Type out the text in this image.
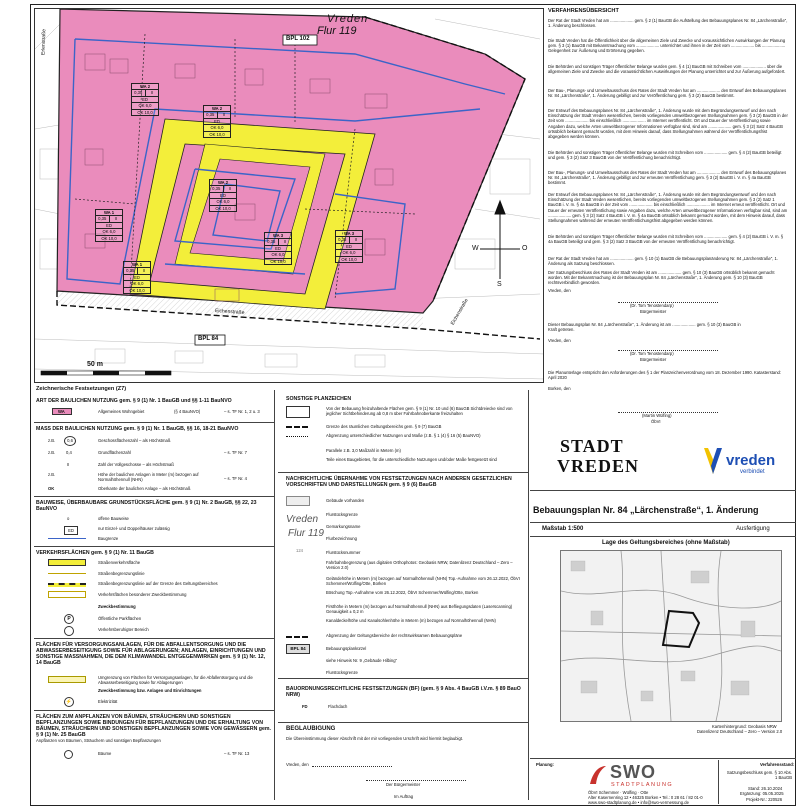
Vreden
Flur 119
BPL 102
BPL 84
Eichenstraße	Eichenstraße
Erlenstraße
50 m
W	O
S
WA 2
0,35	II
ED
OK 6,0
OK 10,0
WA 2
0,35	II
ED
OK 6,0
OK 10,0
WA 1
0,35	II
ED
OK 6,0
OK 10,0
WA 2
0,35	II
ED
OK 6,0
OK 10,0
WA 3
0,35	II
ED
OK 6,0
OK 10,0
WA 3
0,35	II
ED
OK 6,0
OK 10,0
WA 1
0,35	II
ED
OK 6,0
OK 10,0
Zeichnerische Festsetzungen (Z7)
ART DER BAULICHEN NUTZUNG gem. § 9 (1) Nr. 1 BauGB und §§ 1-11 BauNVO
WA	Allgemeines Wohngebiet	(§ 4 BauNVO)	– s. TF Nr. 1, 2 u. 3
MASS DER BAULICHEN NUTZUNG gem. § 9 (1) Nr. 1 BauGB, §§ 16, 18-21 BauNVO
z.B.	0,6	Geschossflächenzahl – als Höchstmaß
z.B.	0,4	Grundflächenzahl	– s. TF Nr. 7
II	Zahl der Vollgeschosse – als Höchstmaß
z.B.	Höhe der baulichen Anlagen in Meter (m) bezogen auf Normalhöhennull (NHN)	– s. TF Nr. 4
OK	Oberkante der baulichen Anlage – als Höchstmaß
BAUWEISE, ÜBERBAUBARE GRUNDSTÜCKSFLÄCHE gem. § 9 (1) Nr. 2 BauGB, §§ 22, 23 BauNVO
o	offene Bauweise
ED	nur Einzel- und Doppelhäuser zulässig
Baugrenze
VERKEHRSFLÄCHEN gem. § 9 (1) Nr. 11 BauGB
Straßenverkehrsfläche
Straßenbegrenzungslinie
Straßenbegrenzungslinie auf der Grenze des Geltungsbereiches
Verkehrsflächen besonderer Zweckbestimmung
Zweckbestimmung
P	Öffentliche Parkflächen
Verkehrsberuhigter Bereich
FLÄCHEN FÜR VERSORGUNGSANLAGEN, FÜR DIE ABFALLENTSORGUNG UND DIE ABWASSERBESEITIGUNG SOWIE FÜR ABLAGERUNGEN; ANLAGEN, EINRICHTUNGEN UND SONSTIGE MASSNAHMEN, DIE DEM KLIMAWANDEL ENTGEGENWIRKEN gem. § 9 (1) Nr. 12, 14 BauGB
Umgrenzung von Flächen für Versorgungsanlagen, für die Abfallentsorgung und die Abwasserbeseitigung sowie für Ablagerungen
Zweckbestimmung bzw. Anlagen und Einrichtungen
⚡	Elektrizität
FLÄCHEN ZUM ANPFLANZEN VON BÄUMEN, STRÄUCHERN UND SONSTIGEN BEPFLANZUNGEN SOWIE BINDUNGEN FÜR BEPFLANZUNGEN UND DIE ERHALTUNG VON BÄUMEN, STRÄUCHERN UND SONSTIGEN BEPFLANZUNGEN SOWIE VON GEWÄSSERN gem. § 9 (1) Nr. 25 BauGB
Anpflanzen von Bäumen, Sträuchern und sonstigen Bepflanzungen
Bäume	– s. TF Nr. 13
SONSTIGE PLANZEICHEN
Von der Bebauung freizuhaltende Flächen gem. § 9 (1) Nr. 10 und (6) BauGB Sichtdreiecke sind von jeglicher Sichtbehinderung ab 0,8 m über Fahrbahnoberkante freizuhalten
Grenze des räumlichen Geltungsbereichs gem. § 9 (7) BauGB
Abgrenzung unterschiedlicher Nutzungen und Maße (z.B. § 1 (4) § 16 (5) BauNVO)
Parallele z.B. 3,0 Maßzahl in Metern (m)
Teile eines Baugebietes, für die unterschiedliche Nutzungen und/oder Maße festgesetzt sind
NACHRICHTLICHE ÜBERNAHME VON FESTSETZUNGEN NACH ANDEREN GESETZLICHEN VORSCHRIFTEN UND DARSTELLUNGEN gem. § 9 (6) BauGB
Gebäude vorhanden
Flurstücksgrenze
Gemarkungsname
Flurbezeichnung
Flurstücksnummer
Vreden
Flur 119
124
Fahrbahnbegrenzung (aus digitalen Orthophotos: Geobasis NRW, Datenlizenz Deutschland – Zero – Version 2.0)
Geländehöhe in Metern (m) bezogen auf Normalhöhennull (NHN) Top.-Aufnahme vom 26.12.2022, ÖbVI Schemmer/Wülfing/Otte, Borken
Böschung Top.-Aufnahme vom 26.12.2022, ÖbVI Schemmer/Wülfing/Otte, Borken
Firsthöhe in Metern (m) bezogen auf Normalhöhennull (NHN) aus Befliegungsdaten (Laserscanning) Genauigkeit ± 0,2 m
Kanaldeckelhöhe und Kanalsohlenhöhe in Metern (m) bezogen auf Normalhöhennull (NHN)
Abgrenzung der Geltungsbereiche der rechtswirksamen Bebauungspläne
BPL 84	Bebauungsplankürzel
siehe Hinweis Nr. 9 „Gebäude Hilbing“
Flurstücksgrenze
BAUORDNUNGSRECHTLICHE FESTSETZUNGEN (BF) (gem. § 9 Abs. 4 BauGB i.V.m. § 89 BauO NRW)
FD	Flachdach
BEGLAUBIGUNG
Die Übereinstimmung dieser Abschrift mit der mir vorliegenden Urschrift wird hiermit beglaubigt.
Vreden, den
Der Bürgermeister
Im Auftrag
VERFAHRENSÜBERSICHT
Der Rat der Stadt Vreden hat am .................... gem. § 2 (1) BauGB die Aufstellung des Bebauungsplanes Nr. 84 „Lärchenstraße“, 1. Änderung beschlossen.
Die Stadt Vreden hat die Öffentlichkeit über die allgemeinen Ziele und Zwecke und voraussichtlichen Auswirkungen der Planung gem. § 3 (1) BauGB mit Bekanntmachung vom .................... unterrichtet und ihnen in der Zeit vom .................... bis .................... Gelegenheit zur Äußerung und Erörterung gegeben.
Die Behörden und sonstigen Träger öffentlicher Belange wurden gem. § 4 (1) BauGB mit Schreiben vom .................... über die allgemeinen Ziele und Zwecke und die voraussichtlichen Auswirkungen der Planung unterrichtet und zur Äußerung aufgefordert.
Der Bau-, Planungs- und Umweltausschuss des Rates der Stadt Vreden hat am .................... den Entwurf des Bebauungsplanes Nr. 84 „Lärchenstraße“, 1. Änderung gebilligt und zur Veröffentlichung gem. § 3 (2) BauGB bestimmt.
Der Entwurf des Bebauungsplanes Nr. 84 „Lärchenstraße“, 1. Änderung wurde mit dem Begründungsentwurf und den nach Einschätzung der Stadt Vreden wesentlichen, bereits vorliegenden umweltbezogenen Stellungnahmen gem. § 3 (2) BauGB in der Zeit vom .................... bis einschließlich .................... im Internet veröffentlicht. Ort und Dauer der Veröffentlichung sowie Angaben dazu, welche Arten umweltbezogener Informationen verfügbar sind, sind am .................... gem. § 3 (2) Satz 4 BauGB ortsüblich bekannt gemacht worden, mit dem Hinweis darauf, dass Stellungnahmen während der Veröffentlichungsfrist abgegeben werden können.
Die Behörden und sonstigen Träger öffentlicher Belange wurden mit Schreiben vom .................... gem. § 4 (2) BauGB beteiligt und gem. § 3 (2) Satz 3 BauGB von der Veröffentlichung benachrichtigt.
Der Bau-, Planungs- und Umweltausschuss des Rates der Stadt Vreden hat am .................... den Entwurf des Bebauungsplanes Nr. 84 „Lärchenstraße“, 1. Änderung gebilligt und zur erneuten Veröffentlichung gem. § 3 (2) BauGB i. V. m. § 4a BauGB bestimmt.
Der Entwurf des Bebauungsplanes Nr. 84 „Lärchenstraße“, 1. Änderung wurde mit dem Begründungsentwurf und den nach Einschätzung der Stadt Vreden wesentlichen, bereits vorliegenden umweltbezogenen Stellungnahmen gem. § 3 (2) Satz 1 BauGB i. V. m. § 4a BauGB in der Zeit vom .................... bis einschließlich .................... im Internet erneut veröffentlicht. Ort und Dauer der erneuten Veröffentlichung sowie Angaben dazu, welche Arten umweltbezogener Informationen verfügbar sind, sind am .................... gem. § 3 (2) Satz 4 BauGB i. V. m. § 4a BauGB ortsüblich bekannt gemacht worden, mit dem Hinweis darauf, dass Stellungnahmen während der erneuten Veröffentlichungsfrist abgegeben werden können.
Die Behörden und sonstigen Träger öffentlicher Belange wurden mit Schreiben vom .................... gem. § 4 (2) BauGB i. V. m. § 4a BauGB beteiligt und gem. § 3 (2) Satz 3 BauGB von der erneuten Veröffentlichung benachrichtigt.
Der Rat der Stadt Vreden hat am .................... gem. § 10 (1) BauGB die Bebauungsplanänderung Nr. 84 „Lärchenstraße“, 1. Änderung als Satzung beschlossen.
Der Satzungsbeschluss des Rates der Stadt Vreden ist am .................... gem. § 10 (3) BauGB ortsüblich bekannt gemacht worden. Mit der Bekanntmachung ist der Bebauungsplan Nr. 84 „Lärchenstraße“, 1. Änderung gem. § 10 (3) BauGB rechtsverbindlich geworden.
Vreden, den
(Dr. Tom Tenostendarp)
Bürgermeister
Dieser Bebauungsplan Nr. 84 „Lärchenstraße“, 1. Änderung ist am .................... gem. § 10 (3) BauGB in Kraft getreten.
Vreden, den
(Dr. Tom Tenostendarp)
Bürgermeister
Die Planunterlage entspricht den Anforderungen des § 1 der Planzeichenverordnung vom 18. Dezember 1990. Katasterstand: April 2020
Borken, den
(Martin Wülfing)
ÖbVI
STADT
VREDEN	vreden
verbindet
Bebauungsplan Nr. 84 „Lärchenstraße“, 1. Änderung
Maßstab 1:500	Ausfertigung
Lage des Geltungsbereiches (ohne Maßstab)
Kartenhintergrund: Geobasis NRW
Datenlizenz Deutschland – Zero – Version 2.0
Planung:	SWO
STADTPLANUNG
ÖbVI Schemmer · Wülfing · Otte
Alter Kasernenring 12 • 46325 Borken • Tel.: 0 28 61 / 82 01-0
www.swo-stadtplanung.de • info@swo-vermessung.de
Verfahrensstand:
Satzungsbeschluss gem. § 10 Abs. 1 BauGB
Stand: 26.10.2024
Ergänzung: 05.05.2025
Projekt-Nr.: 220526
